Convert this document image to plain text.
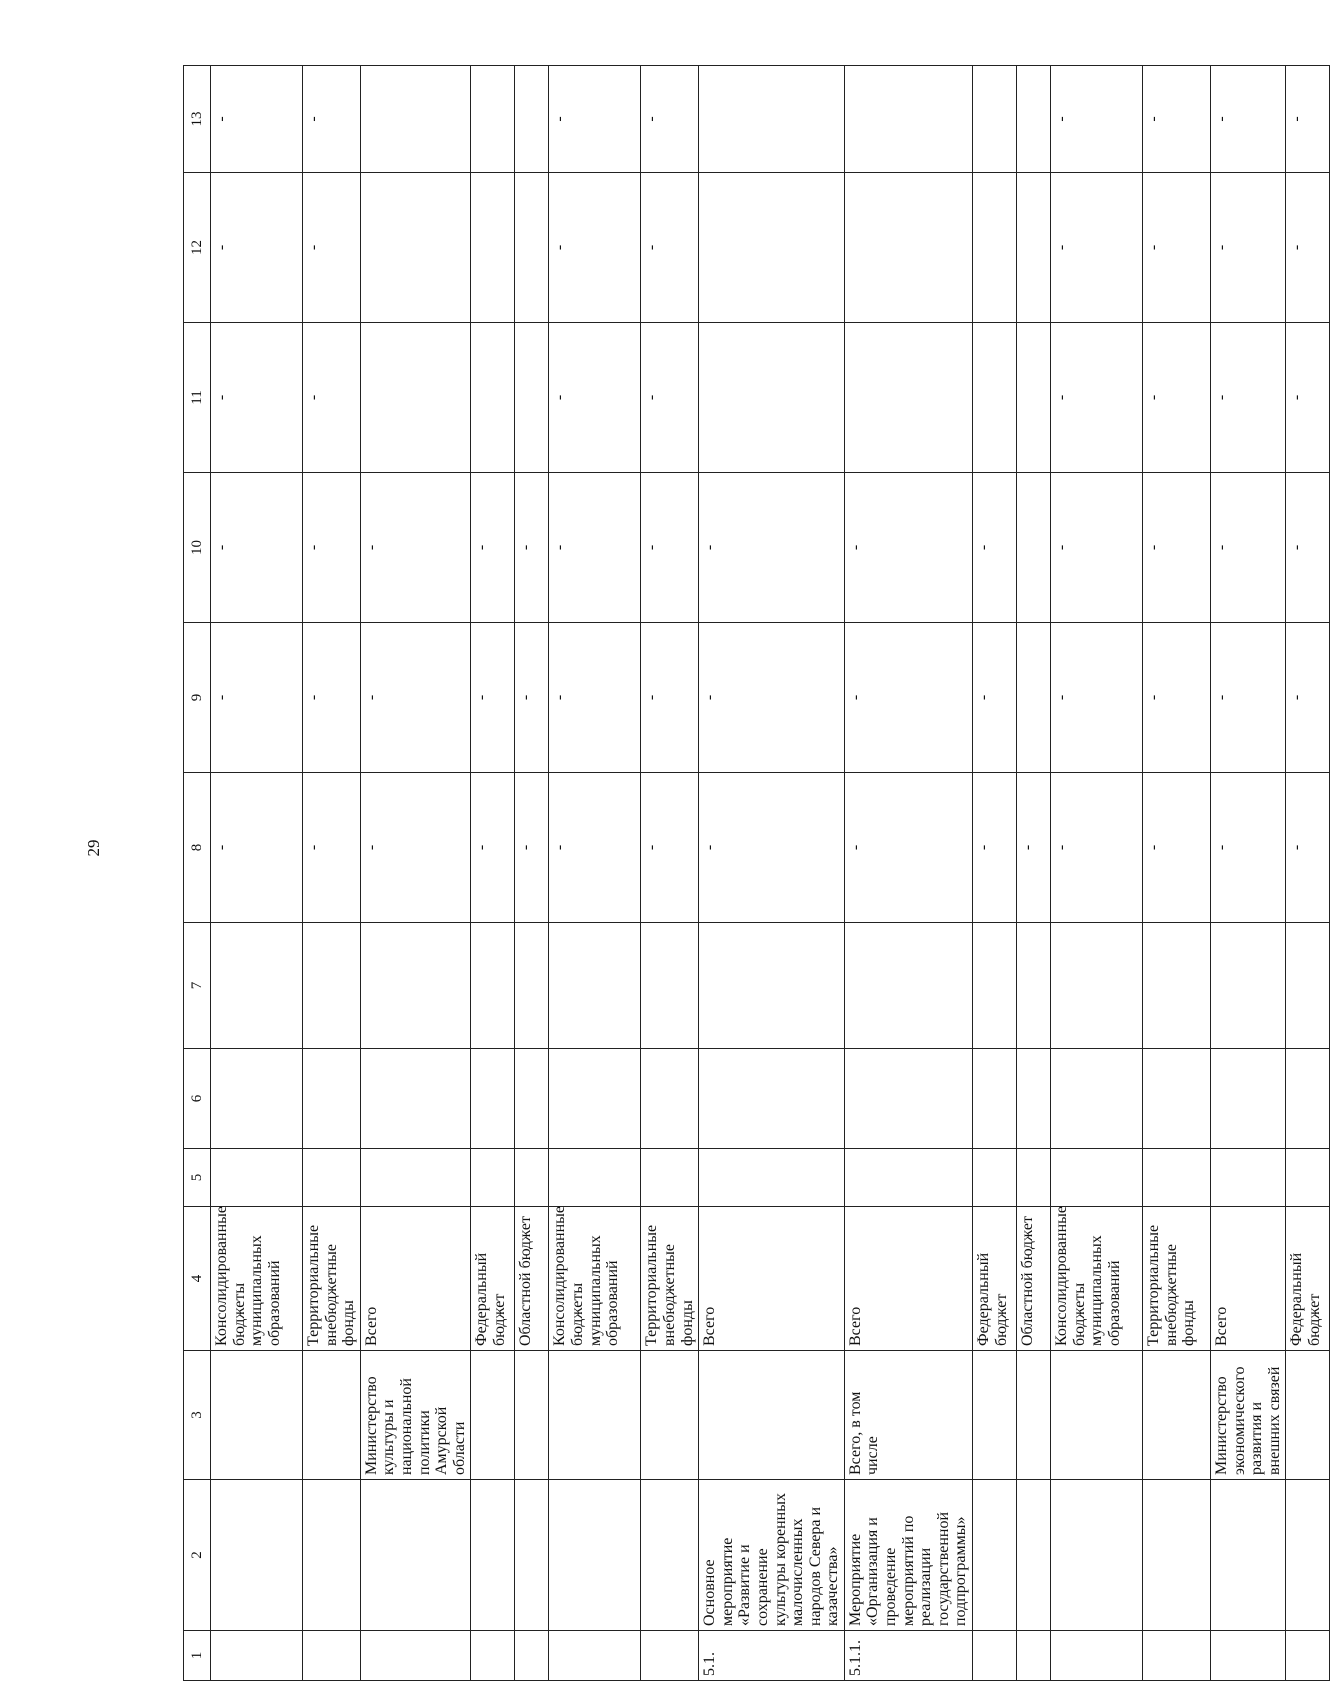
29
1	2	3	4	5	6	7	8	9	10	11	12	13
			Консолидированные бюджеты муниципальных образований				-	-	-	-	-	-
			Территориальные внебюджетные фонды				-	-	-	-	-	-
		Министерство культуры и национальной политики Амурской области	Всего				-	-	-			
			Федеральный бюджет				-	-	-			
			Областной бюджет				-	-	-			
			Консолидированные бюджеты муниципальных образований				-	-	-	-	-	-
			Территориальные внебюджетные фонды				-	-	-	-	-	-
5.1.	Основное мероприятие «Развитие и сохранение культуры коренных малочисленных народов Севера и казачества»		Всего				-	-	-			
5.1.1.	Мероприятие «Организация и проведение мероприятий по реализации государственной подпрограммы»	Всего, в том числе	Всего				-	-	-			
			Федеральный бюджет				-	-	-			
			Областной бюджет				-					
			Консолидированные бюджеты муниципальных образований				-	-	-	-	-	-
			Территориальные внебюджетные фонды				-	-	-	-	-	-
		Министерство экономического развития и внешних связей	Всего				-	-	-	-	-	-
			Федеральный бюджет				-	-	-	-	-	-
